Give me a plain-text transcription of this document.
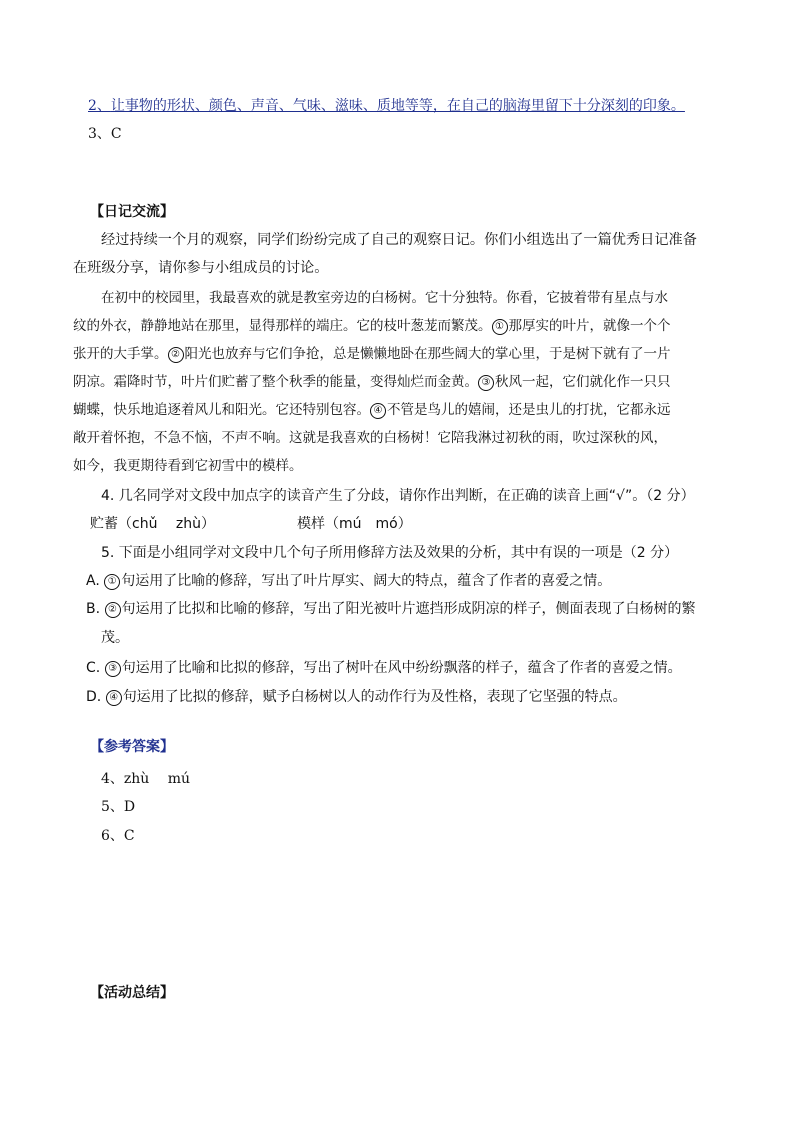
2、让事物的形状、颜色、声音、气味、滋味、质地等等，在自己的脑海里留下十分深刻的印象。
3、C
【日记交流】
经过持续一个月的观察，同学们纷纷完成了自己的观察日记。你们小组选出了一篇优秀日记准备
在班级分享，请你参与小组成员的讨论。
在初中的校园里，我最喜欢的就是教室旁边的白杨树。它十分独特。你看，它披着带有星点与水
纹的外衣，静静地站在那里，显得那样的端庄。它的枝叶葱茏而繁茂。 ① 那厚实的叶片，就像一个个
张开的大手掌。 ② 阳光也放弃与它们争抢，总是懒懒地卧在那些阔大的掌心里，于是树下就有了一片
阴凉。霜降时节，叶片们贮蓄了整个秋季的能量，变得灿烂而金黄。 ③ 秋风一起，它们就化作一只只
蝴蝶，快乐地追逐着风儿和阳光。它还特别包容。 ④ 不管是鸟儿的嬉闹，还是虫儿的打扰，它都永远
敞开着怀抱，不急不恼，不声不响。这就是我喜欢的白杨树！它陪我淋过初秋的雨，吹过深秋的风，
如今，我更期待看到它初雪中的模样。
4. 几名同学对文段中加点字的读音产生了分歧，请你作出判断，在正确的读音上画“√”。（2 分）
贮蓄（chǔ　 zhù）	模样（mú　mó）
5. 下面是小组同学对文段中几个句子所用修辞方法及效果的分析，其中有误的一项是（2 分）
A. ① 句运用了比喻的修辞，写出了叶片厚实、阔大的特点，蕴含了作者的喜爱之情。
B. ② 句运用了比拟和比喻的修辞，写出了阳光被叶片遮挡形成阴凉的样子，侧面表现了白杨树的繁
茂。
C. ③ 句运用了比喻和比拟的修辞，写出了树叶在风中纷纷飘落的样子，蕴含了作者的喜爱之情。
D. ④ 句运用了比拟的修辞，赋予白杨树以人的动作行为及性格，表现了它坚强的特点。
【参考答案】
4、zhù　 mú
5、D
6、C
【活动总结】
